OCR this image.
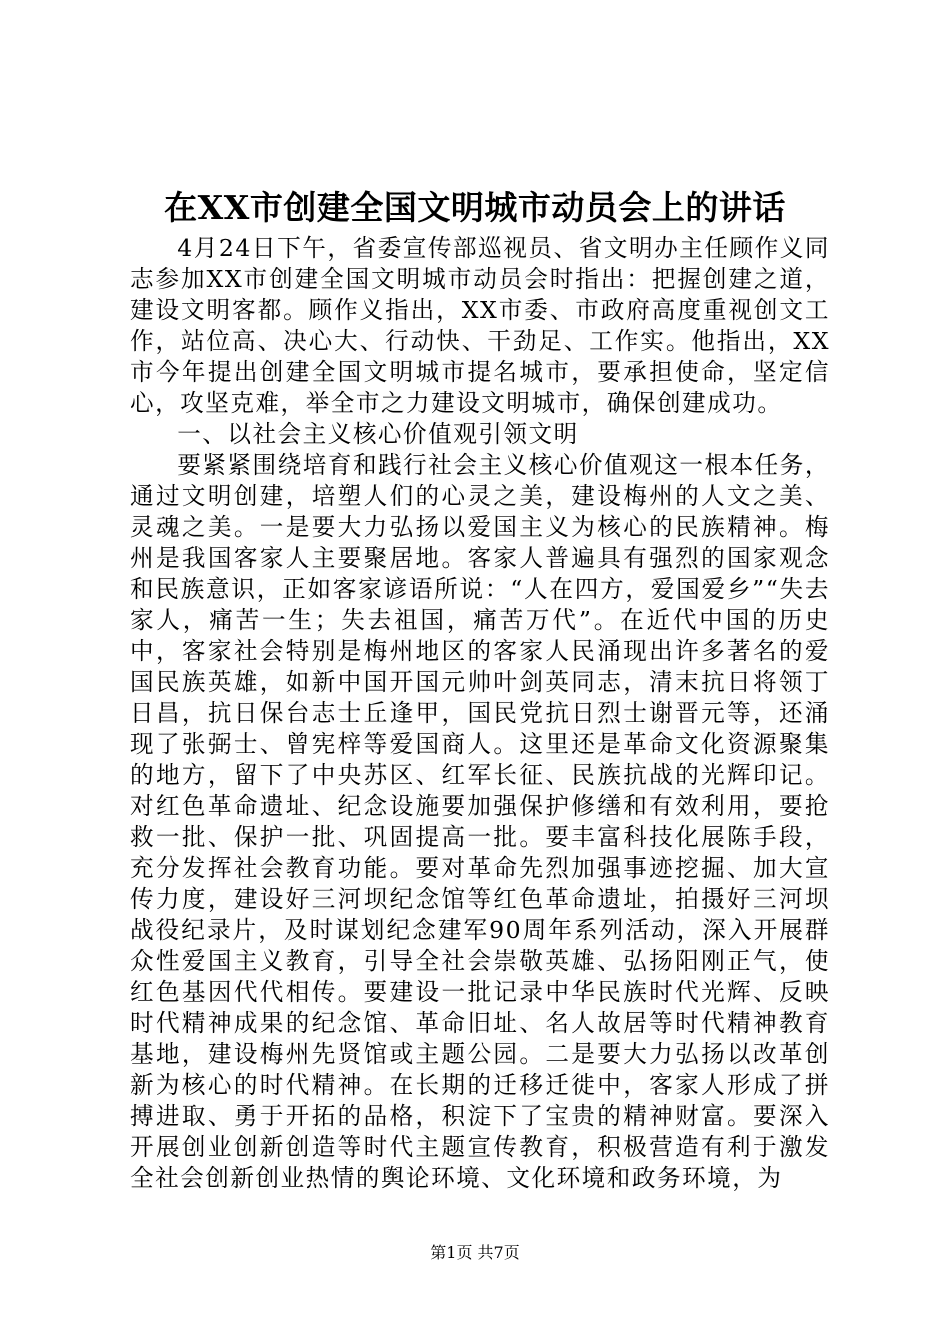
在XX市创建全国文明城市动员会上的讲话

4月24日下午，省委宣传部巡视员、省文明办主任顾作义同志参加XX市创建全国文明城市动员会时指出：把握创建之道，建设文明客都。顾作义指出，XX市委、市政府高度重视创文工作，站位高、决心大、行动快、干劲足、工作实。他指出，XX市今年提出创建全国文明城市提名城市，要承担使命，坚定信心，攻坚克难，举全市之力建设文明城市，确保创建成功。

一、以社会主义核心价值观引领文明

要紧紧围绕培育和践行社会主义核心价值观这一根本任务，通过文明创建，培塑人们的心灵之美，建设梅州的人文之美、灵魂之美。一是要大力弘扬以爱国主义为核心的民族精神。梅州是我国客家人主要聚居地。客家人普遍具有强烈的国家观念和民族意识，正如客家谚语所说：“人在四方，爱国爱乡”“失去家人，痛苦一生；失去祖国，痛苦万代”。在近代中国的历史中，客家社会特别是梅州地区的客家人民涌现出许多著名的爱国民族英雄，如新中国开国元帅叶剑英同志，清末抗日将领丁日昌，抗日保台志士丘逢甲，国民党抗日烈士谢晋元等，还涌现了张弼士、曾宪梓等爱国商人。这里还是革命文化资源聚集的地方，留下了中央苏区、红军长征、民族抗战的光辉印记。对红色革命遗址、纪念设施要加强保护修缮和有效利用，要抢救一批、保护一批、巩固提高一批。要丰富科技化展陈手段，充分发挥社会教育功能。要对革命先烈加强事迹挖掘、加大宣传力度，建设好三河坝纪念馆等红色革命遗址，拍摄好三河坝战役纪录片，及时谋划纪念建军90周年系列活动，深入开展群众性爱国主义教育，引导全社会崇敬英雄、弘扬阳刚正气，使红色基因代代相传。要建设一批记录中华民族时代光辉、反映时代精神成果的纪念馆、革命旧址、名人故居等时代精神教育基地，建设梅州先贤馆或主题公园。二是要大力弘扬以改革创新为核心的时代精神。在长期的迁移迁徙中，客家人形成了拼搏进取、勇于开拓的品格，积淀下了宝贵的精神财富。要深入开展创业创新创造等时代主题宣传教育，积极营造有利于激发全社会创新创业热情的舆论环境、文化环境和政务环境，为

第1页 共7页
